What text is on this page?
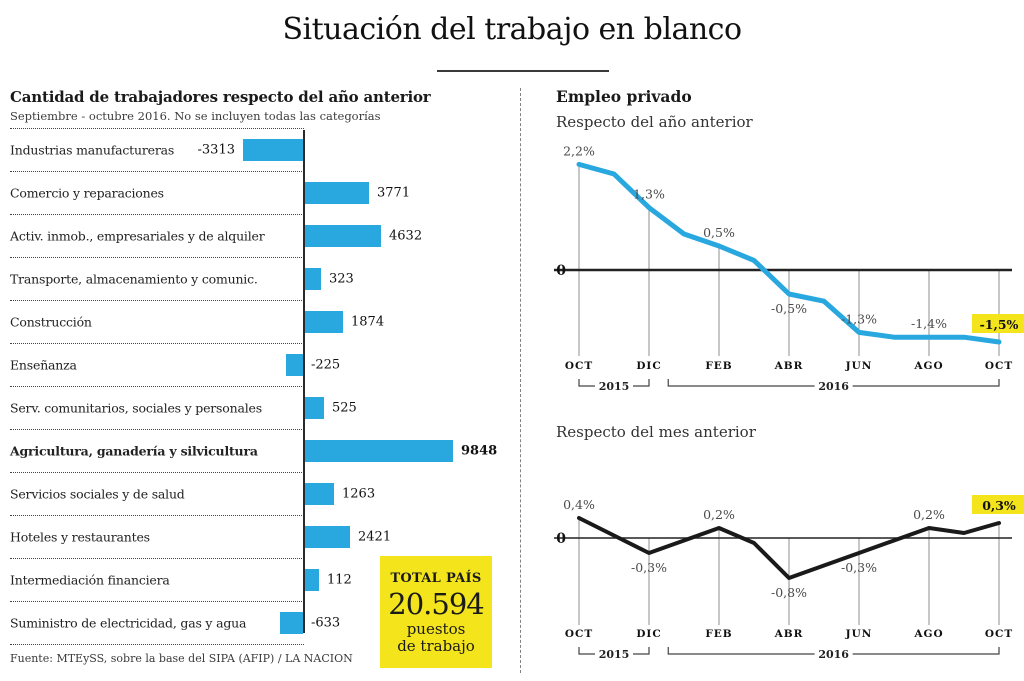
Situación del trabajo en blanco
Cantidad de trabajadores respecto del año anterior
Septiembre - octubre 2016. No se incluyen todas las categorías
Industrias manufactureras -3313
Comercio y reparaciones	3771
Activ. inmob., empresariales y de alquiler	4632
Transporte, almacenamiento y comunic.	323
Construcción	1874
Enseñanza	-225
Serv. comunitarios, sociales y personales	525
Agricultura, ganadería y silvicultura	9848
Servicios sociales y de salud	1263
Hoteles y restaurantes	2421
Intermediación financiera	112
Suministro de electricidad, gas y agua	-633
TOTAL PAÍS
20.594
puestos
de trabajo
Fuente: MTEySS, sobre la base del SIPA (AFIP) / LA NACION
Empleo privado
Respecto del año anterior
0
2,2%
1,3%
0,5%
-0,5%
-1,3%	-1,4%	-1,5%
OCT	DIC	FEB	ABR	JUN	AGO	OCT
2015	2016
Respecto del mes anterior
0
0,4%
-0,3%
0,2%
-0,8%
-0,3%
0,2%
0,3%
OCT	DIC	FEB	ABR	JUN	AGO	OCT
2015	2016
